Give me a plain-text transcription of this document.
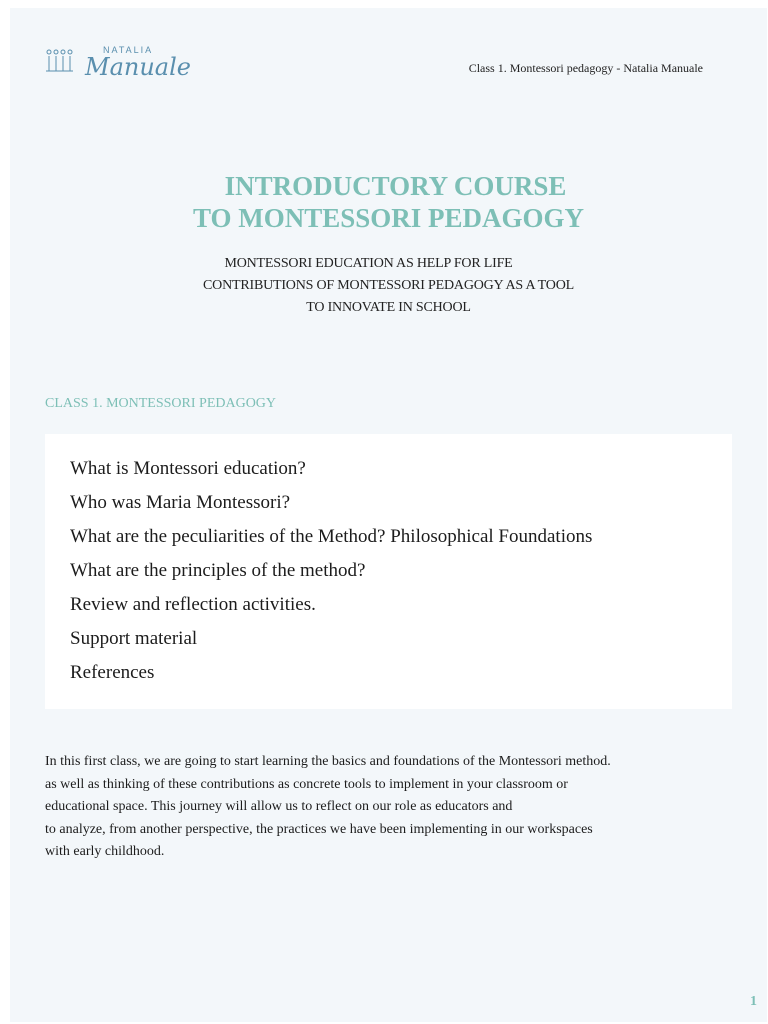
NATALIA
Manuale	Class 1. Montessori pedagogy - Natalia Manuale
INTRODUCTORY COURSE
TO MONTESSORI PEDAGOGY
MONTESSORI EDUCATION AS HELP FOR LIFE
CONTRIBUTIONS OF MONTESSORI PEDAGOGY AS A TOOL
TO INNOVATE IN SCHOOL
CLASS 1. MONTESSORI PEDAGOGY
What is Montessori education?
Who was Maria Montessori?
What are the peculiarities of the Method? Philosophical Foundations
What are the principles of the method?
Review and reflection activities.
Support material
References
In this first class, we are going to start learning the basics and foundations of the Montessori method.
as well as thinking of these contributions as concrete tools to implement in your classroom or
educational space. This journey will allow us to reflect on our role as educators and
to analyze, from another perspective, the practices we have been implementing in our workspaces
with early childhood.
1
